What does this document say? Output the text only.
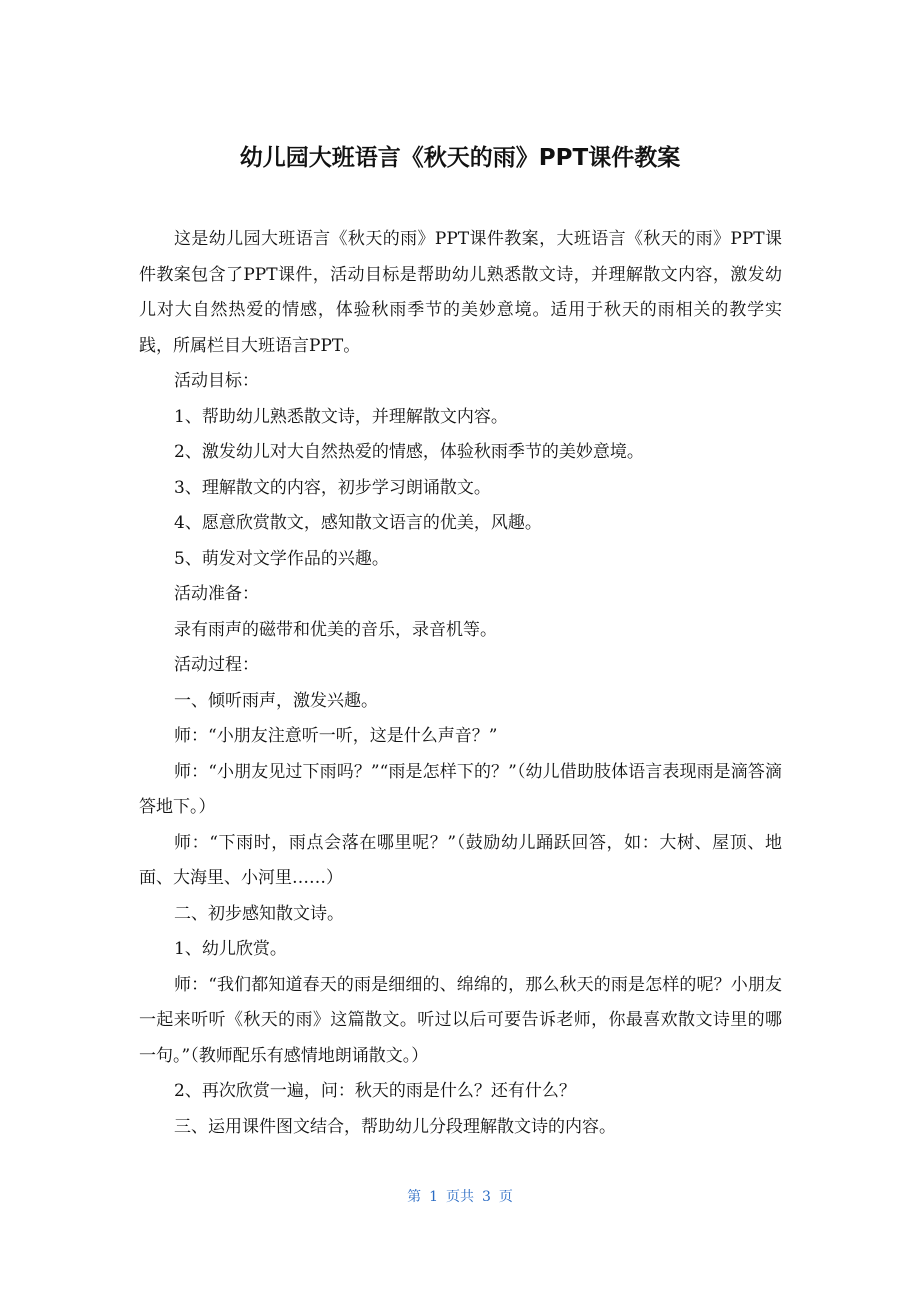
幼儿园大班语言《秋天的雨》PPT课件教案

这是幼儿园大班语言《秋天的雨》PPT课件教案，大班语言《秋天的雨》PPT课件教案包含了PPT课件，活动目标是帮助幼儿熟悉散文诗，并理解散文内容，激发幼儿对大自然热爱的情感，体验秋雨季节的美妙意境。适用于秋天的雨相关的教学实践，所属栏目大班语言PPT。

活动目标：

1、帮助幼儿熟悉散文诗，并理解散文内容。

2、激发幼儿对大自然热爱的情感，体验秋雨季节的美妙意境。

3、理解散文的内容，初步学习朗诵散文。

4、愿意欣赏散文，感知散文语言的优美，风趣。

5、萌发对文学作品的兴趣。

活动准备：

录有雨声的磁带和优美的音乐，录音机等。

活动过程：

一、倾听雨声，激发兴趣。

师：“小朋友注意听一听，这是什么声音？”

师：“小朋友见过下雨吗？”“雨是怎样下的？”（幼儿借助肢体语言表现雨是滴答滴答地下。）

师：“下雨时，雨点会落在哪里呢？”（鼓励幼儿踊跃回答，如：大树、屋顶、地面、大海里、小河里……）

二、初步感知散文诗。

1、幼儿欣赏。

师：“我们都知道春天的雨是细细的、绵绵的，那么秋天的雨是怎样的呢？小朋友一起来听听《秋天的雨》这篇散文。听过以后可要告诉老师，你最喜欢散文诗里的哪一句。”（教师配乐有感情地朗诵散文。）

2、再次欣赏一遍，问：秋天的雨是什么？还有什么？

三、运用课件图文结合，帮助幼儿分段理解散文诗的内容。

第 1 页共 3 页
